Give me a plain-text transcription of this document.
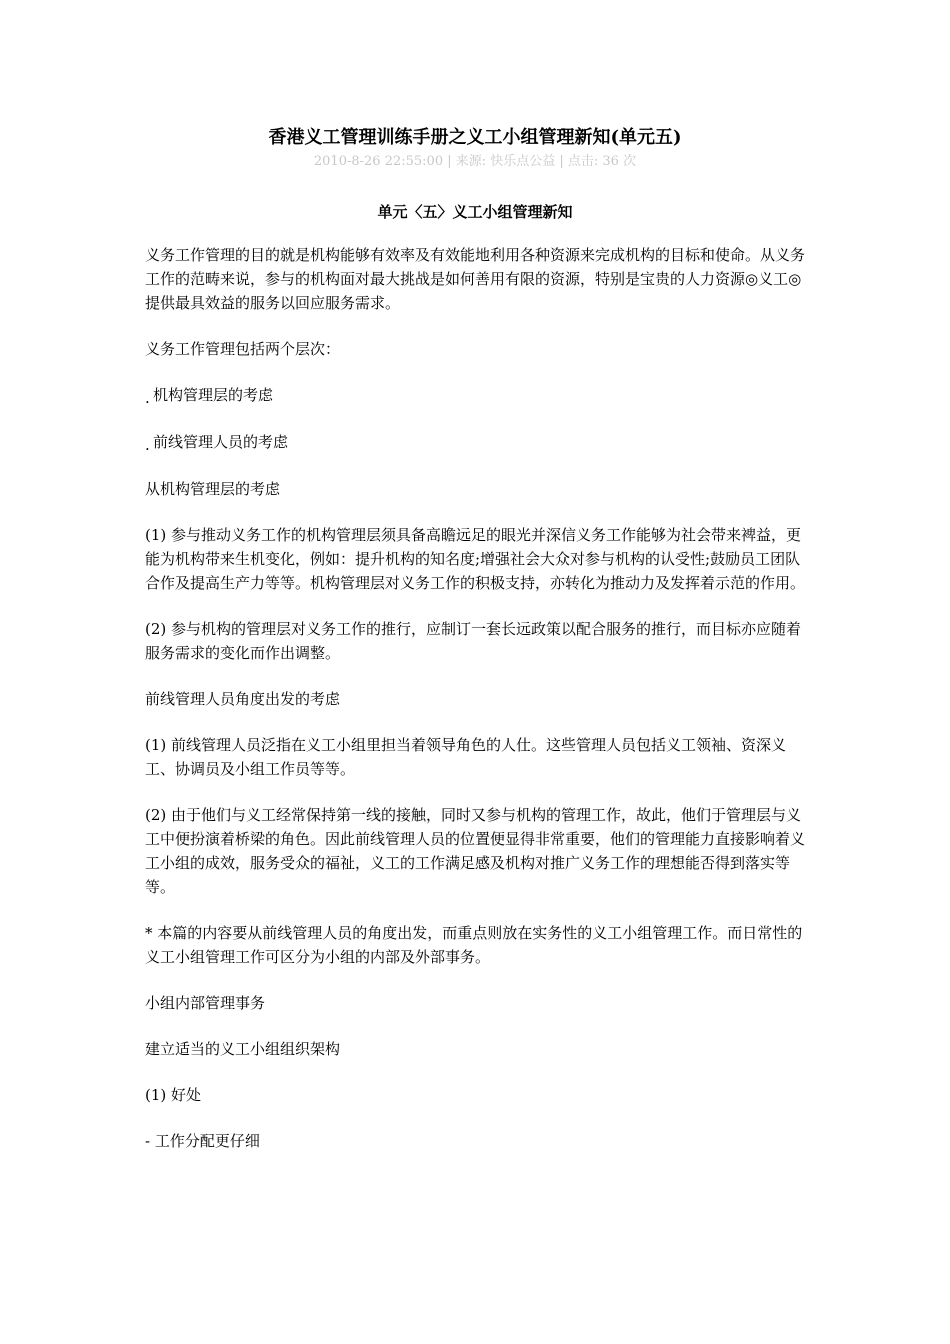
香港义工管理训练手册之义工小组管理新知(单元五)
2010-8-26 22:55:00 | 来源: 快乐点公益 | 点击: 36 次
单元〈五〉义工小组管理新知

义务工作管理的目的就是机构能够有效率及有效能地利用各种资源来完成机构的目标和使命。从义务工作的范畴来说，参与的机构面对最大挑战是如何善用有限的资源，特别是宝贵的人力资源◎义工◎提供最具效益的服务以回应服务需求。

义务工作管理包括两个层次：

. 机构管理层的考虑
. 前线管理人员的考虑

从机构管理层的考虑

(1) 参与推动义务工作的机构管理层须具备高瞻远足的眼光并深信义务工作能够为社会带来裨益，更能为机构带来生机变化，例如：提升机构的知名度;增强社会大众对参与机构的认受性;鼓励员工团队合作及提高生产力等等。机构管理层对义务工作的积极支持，亦转化为推动力及发挥着示范的作用。

(2) 参与机构的管理层对义务工作的推行，应制订一套长远政策以配合服务的推行，而目标亦应随着服务需求的变化而作出调整。

前线管理人员角度出发的考虑

(1) 前线管理人员泛指在义工小组里担当着领导角色的人仕。这些管理人员包括义工领袖、资深义工、协调员及小组工作员等等。

(2) 由于他们与义工经常保持第一线的接触，同时又参与机构的管理工作，故此，他们于管理层与义工中便扮演着桥梁的角色。因此前线管理人员的位置便显得非常重要，他们的管理能力直接影响着义工小组的成效，服务受众的福祉，义工的工作满足感及机构对推广义务工作的理想能否得到落实等等。

* 本篇的内容要从前线管理人员的角度出发，而重点则放在实务性的义工小组管理工作。而日常性的义工小组管理工作可区分为小组的内部及外部事务。

小组内部管理事务

建立适当的义工小组组织架构

(1) 好处

- 工作分配更仔细
